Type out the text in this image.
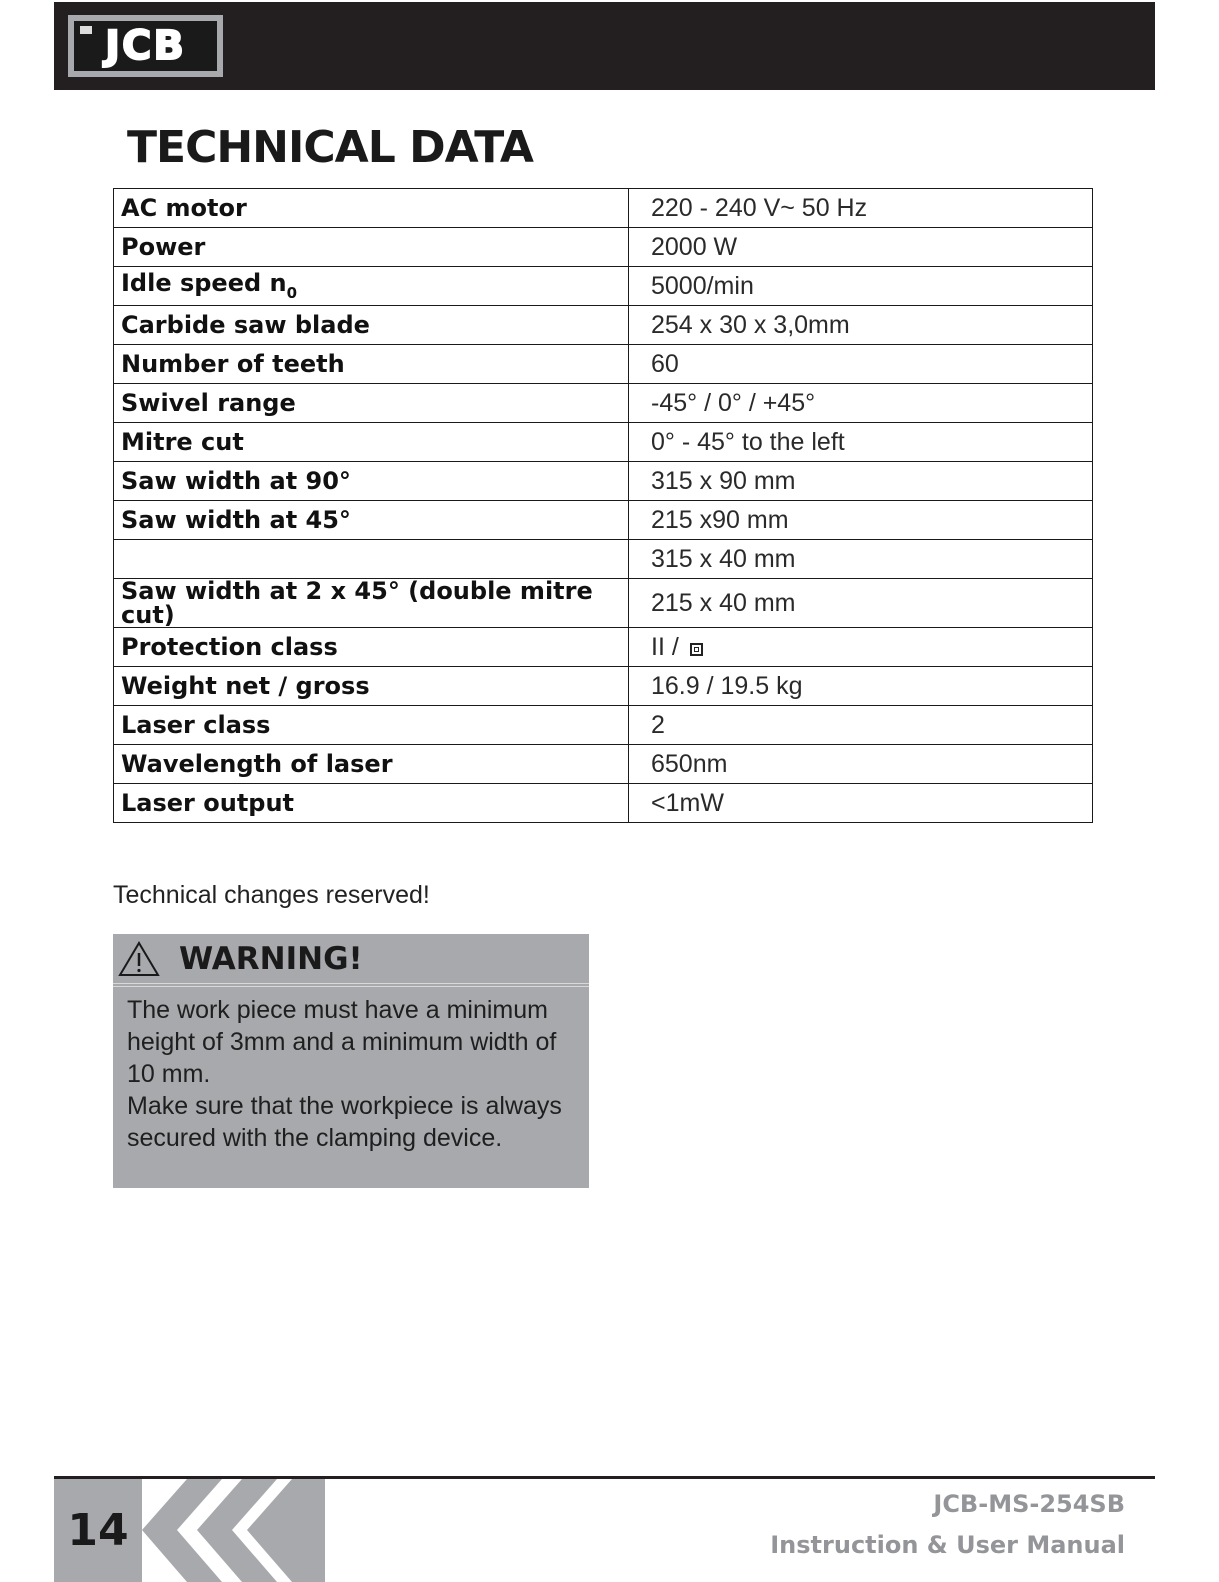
JCB
TECHNICAL DATA
AC motor	220 - 240 V~ 50 Hz
Power	2000 W
Idle speed $n_0$	5000/min
Carbide saw blade	254 x 30 x 3,0mm
Number of teeth	60
Swivel range	-45° / 0° / +45°
Mitre cut	0° - 45° to the left
Saw width at 90°	315 x 90 mm
Saw width at 45°	215 x90 mm
	315 x 40 mm
Saw width at 2 x 45° (double mitre cut)	215 x 40 mm
Protection class	II /
Weight net / gross	16.9 / 19.5 kg
Laser class	2
Wavelength of laser	650nm
Laser output	<1mW
Technical changes reserved!
WARNING!

The work piece must have a minimum height of 3mm and a minimum width of 10 mm.

Make sure that the workpiece is always secured with the clamping device.

14
JCB-MS-254SB
Instruction & User Manual
